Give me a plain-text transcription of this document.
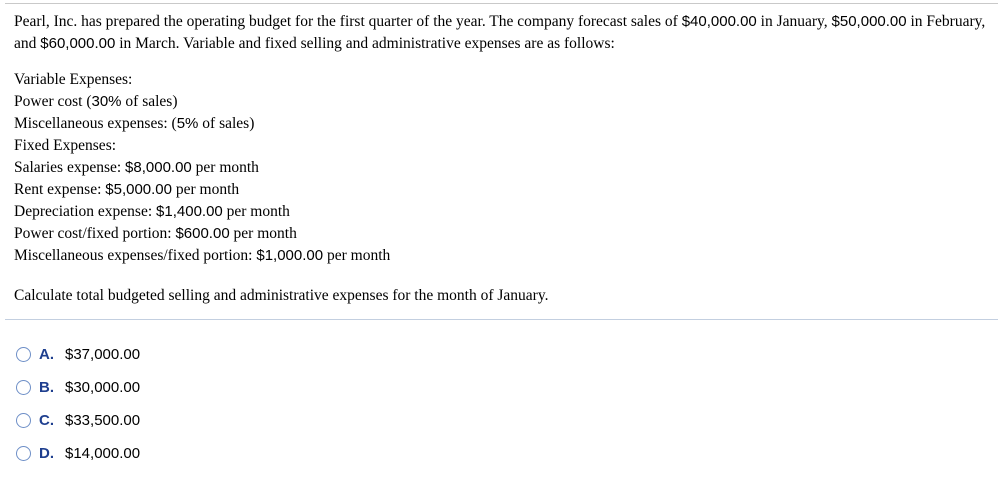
Pearl, Inc. has prepared the operating budget for the first quarter of the year. The company forecast sales of $40,000.00 in January, $50,000.00 in February, and $60,000.00 in March. Variable and fixed selling and administrative expenses are as follows:

Variable Expenses:
Power cost (30% of sales)
Miscellaneous expenses: (5% of sales)
Fixed Expenses:
Salaries expense: $8,000.00 per month
Rent expense: $5,000.00 per month
Depreciation expense: $1,400.00 per month
Power cost/fixed portion: $600.00 per month
Miscellaneous expenses/fixed portion: $1,000.00 per month
Calculate total budgeted selling and administrative expenses for the month of January.
A. $37,000.00
B. $30,000.00
C. $33,500.00
D. $14,000.00
